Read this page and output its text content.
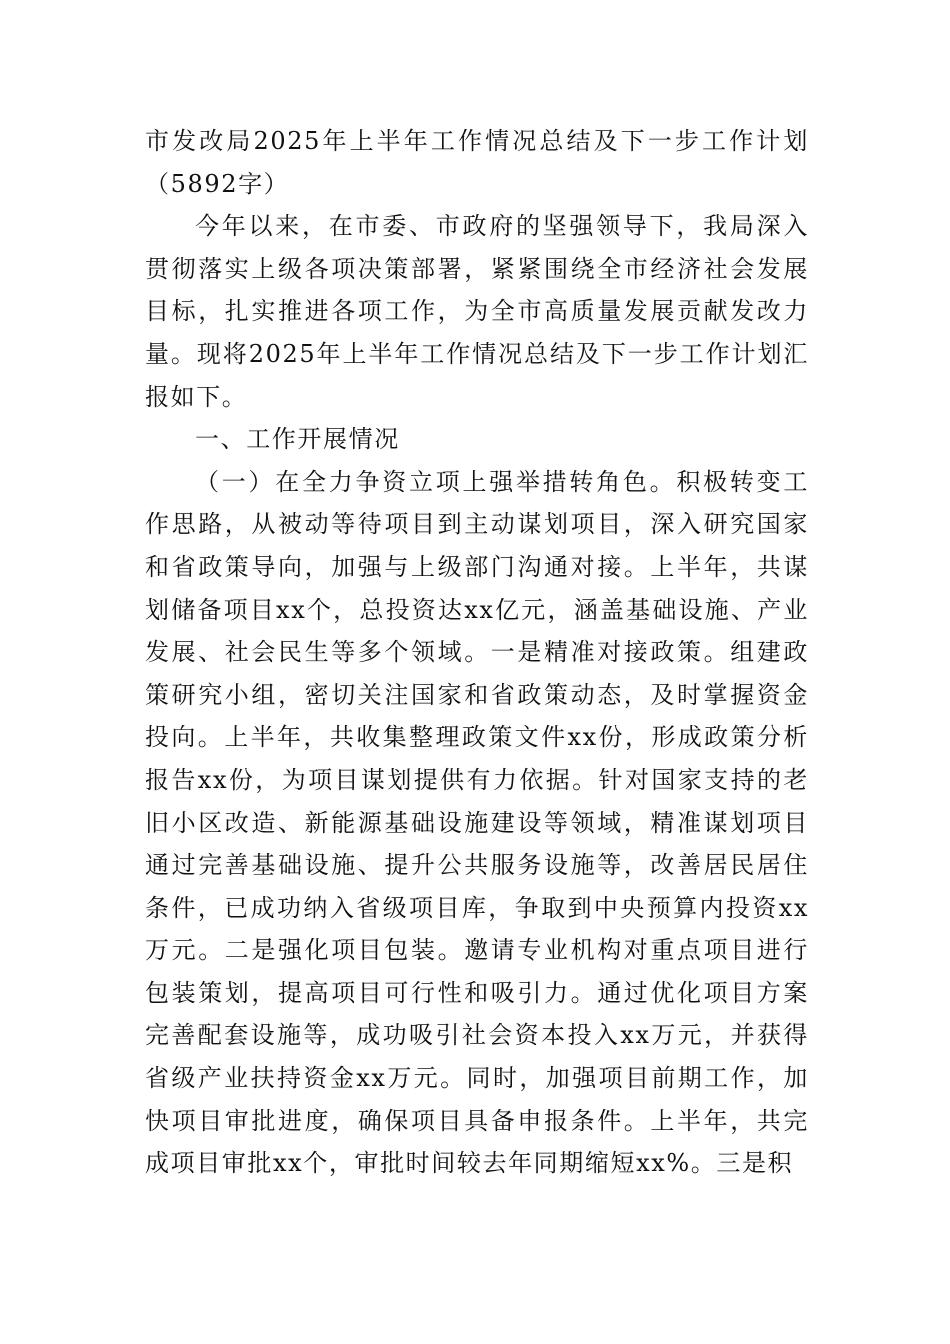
市发改局2025年上半年工作情况总结及下一步工作计划（5892字）

今年以来，在市委、市政府的坚强领导下，我局深入贯彻落实上级各项决策部署，紧紧围绕全市经济社会发展目标，扎实推进各项工作，为全市高质量发展贡献发改力量。现将2025年上半年工作情况总结及下一步工作计划汇报如下。

一、工作开展情况

（一）在全力争资立项上强举措转角色。积极转变工作思路，从被动等待项目到主动谋划项目，深入研究国家和省政策导向，加强与上级部门沟通对接。上半年，共谋划储备项目xx个，总投资达xx亿元，涵盖基础设施、产业发展、社会民生等多个领域。一是精准对接政策。组建政策研究小组，密切关注国家和省政策动态，及时掌握资金投向。上半年，共收集整理政策文件xx份，形成政策分析报告xx份，为项目谋划提供有力依据。针对国家支持的老旧小区改造、新能源基础设施建设等领域，精准谋划项目通过完善基础设施、提升公共服务设施等，改善居民居住条件，已成功纳入省级项目库，争取到中央预算内投资xx万元。二是强化项目包装。邀请专业机构对重点项目进行包装策划，提高项目可行性和吸引力。通过优化项目方案完善配套设施等，成功吸引社会资本投入xx万元，并获得省级产业扶持资金xx万元。同时，加强项目前期工作，加快项目审批进度，确保项目具备申报条件。上半年，共完成项目审批xx个，审批时间较去年同期缩短xx%。三是积
